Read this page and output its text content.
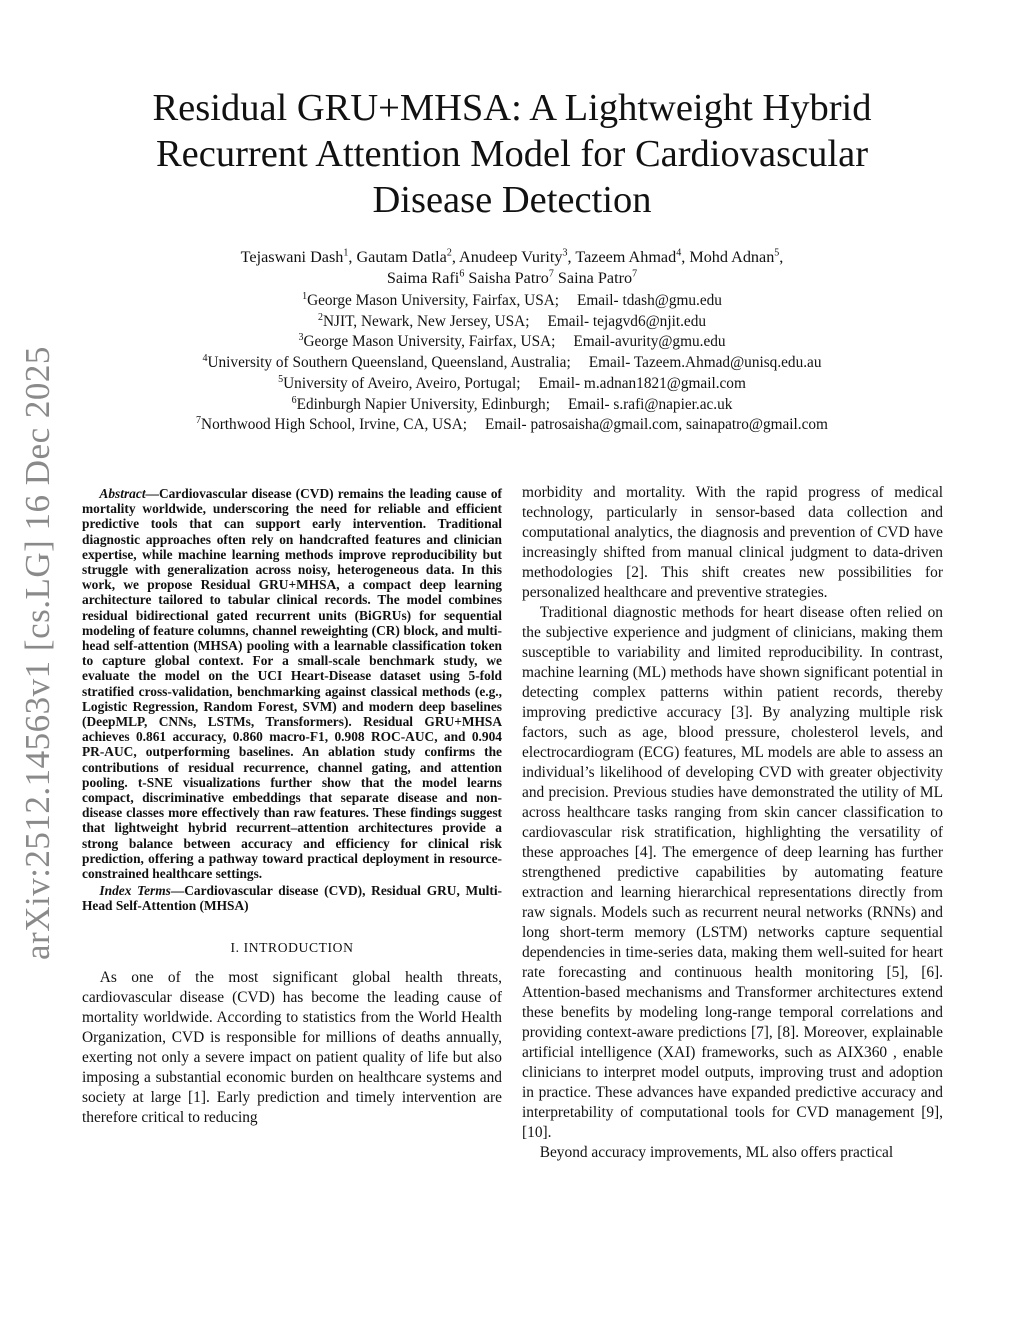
arXiv:2512.14563v1 [cs.LG] 16 Dec 2025
Residual GRU+MHSA: A Lightweight Hybrid Recurrent Attention Model for Cardiovascular Disease Detection
Tejaswani Dash$^1$, Gautam Datla$^2$, Anudeep Vurity$^3$, Tazeem Ahmad$^4$, Mohd Adnan$^5$,
Saima Rafi$^6$ Saisha Patro$^7$ Saina Patro$^7$
$^1$George Mason University, Fairfax, USA; Email- tdash@gmu.edu
$^2$NJIT, Newark, New Jersey, USA; Email- tejagvd6@njit.edu
$^3$George Mason University, Fairfax, USA; Email-avurity@gmu.edu
$^4$University of Southern Queensland, Queensland, Australia; Email- Tazeem.Ahmad@unisq.edu.au
$^5$University of Aveiro, Aveiro, Portugal; Email- m.adnan1821@gmail.com
$^6$Edinburgh Napier University, Edinburgh; Email- s.rafi@napier.ac.uk
$^7$Northwood High School, Irvine, CA, USA; Email- patrosaisha@gmail.com, sainapatro@gmail.com

Abstract—Cardiovascular disease (CVD) remains the leading cause of mortality worldwide, underscoring the need for reliable and efficient predictive tools that can support early intervention. Traditional diagnostic approaches often rely on handcrafted features and clinician expertise, while machine learning methods improve reproducibility but struggle with generalization across noisy, heterogeneous data. In this work, we propose Residual GRU+MHSA, a compact deep learning architecture tailored to tabular clinical records. The model combines residual bidirectional gated recurrent units (BiGRUs) for sequential modeling of feature columns, channel reweighting (CR) block, and multi-head self-attention (MHSA) pooling with a learnable classification token to capture global context. For a small-scale benchmark study, we evaluate the model on the UCI Heart-Disease dataset using 5-fold stratified cross-validation, benchmarking against classical methods (e.g., Logistic Regression, Random Forest, SVM) and modern deep baselines (DeepMLP, CNNs, LSTMs, Transformers). Residual GRU+MHSA achieves 0.861 accuracy, 0.860 macro-F1, 0.908 ROC-AUC, and 0.904 PR-AUC, outperforming baselines. An ablation study confirms the contributions of residual recurrence, channel gating, and attention pooling. t-SNE visualizations further show that the model learns compact, discriminative embeddings that separate disease and non-disease classes more effectively than raw features. These findings suggest that lightweight hybrid recurrent–attention architectures provide a strong balance between accuracy and efficiency for clinical risk prediction, offering a pathway toward practical deployment in resource-constrained healthcare settings.

Index Terms—Cardiovascular disease (CVD), Residual GRU, Multi-Head Self-Attention (MHSA)

I. INTRODUCTION

As one of the most significant global health threats, cardiovascular disease (CVD) has become the leading cause of mortality worldwide. According to statistics from the World Health Organization, CVD is responsible for millions of deaths annually, exerting not only a severe impact on patient quality of life but also imposing a substantial economic burden on healthcare systems and society at large [1]. Early prediction and timely intervention are therefore critical to reducing

morbidity and mortality. With the rapid progress of medical technology, particularly in sensor-based data collection and computational analytics, the diagnosis and prevention of CVD have increasingly shifted from manual clinical judgment to data-driven methodologies [2]. This shift creates new possibilities for personalized healthcare and preventive strategies.

Traditional diagnostic methods for heart disease often relied on the subjective experience and judgment of clinicians, making them susceptible to variability and limited reproducibility. In contrast, machine learning (ML) methods have shown significant potential in detecting complex patterns within patient records, thereby improving predictive accuracy [3]. By analyzing multiple risk factors, such as age, blood pressure, cholesterol levels, and electrocardiogram (ECG) features, ML models are able to assess an individual’s likelihood of developing CVD with greater objectivity and precision. Previous studies have demonstrated the utility of ML across healthcare tasks ranging from skin cancer classification to cardiovascular risk stratification, highlighting the versatility of these approaches [4]. The emergence of deep learning has further strengthened predictive capabilities by automating feature extraction and learning hierarchical representations directly from raw signals. Models such as recurrent neural networks (RNNs) and long short-term memory (LSTM) networks capture sequential dependencies in time-series data, making them well-suited for heart rate forecasting and continuous health monitoring [5], [6]. Attention-based mechanisms and Transformer architectures extend these benefits by modeling long-range temporal correlations and providing context-aware predictions [7], [8]. Moreover, explainable artificial intelligence (XAI) frameworks, such as AIX360 , enable clinicians to interpret model outputs, improving trust and adoption in practice. These advances have expanded predictive accuracy and interpretability of computational tools for CVD management [9], [10].

Beyond accuracy improvements, ML also offers practical
